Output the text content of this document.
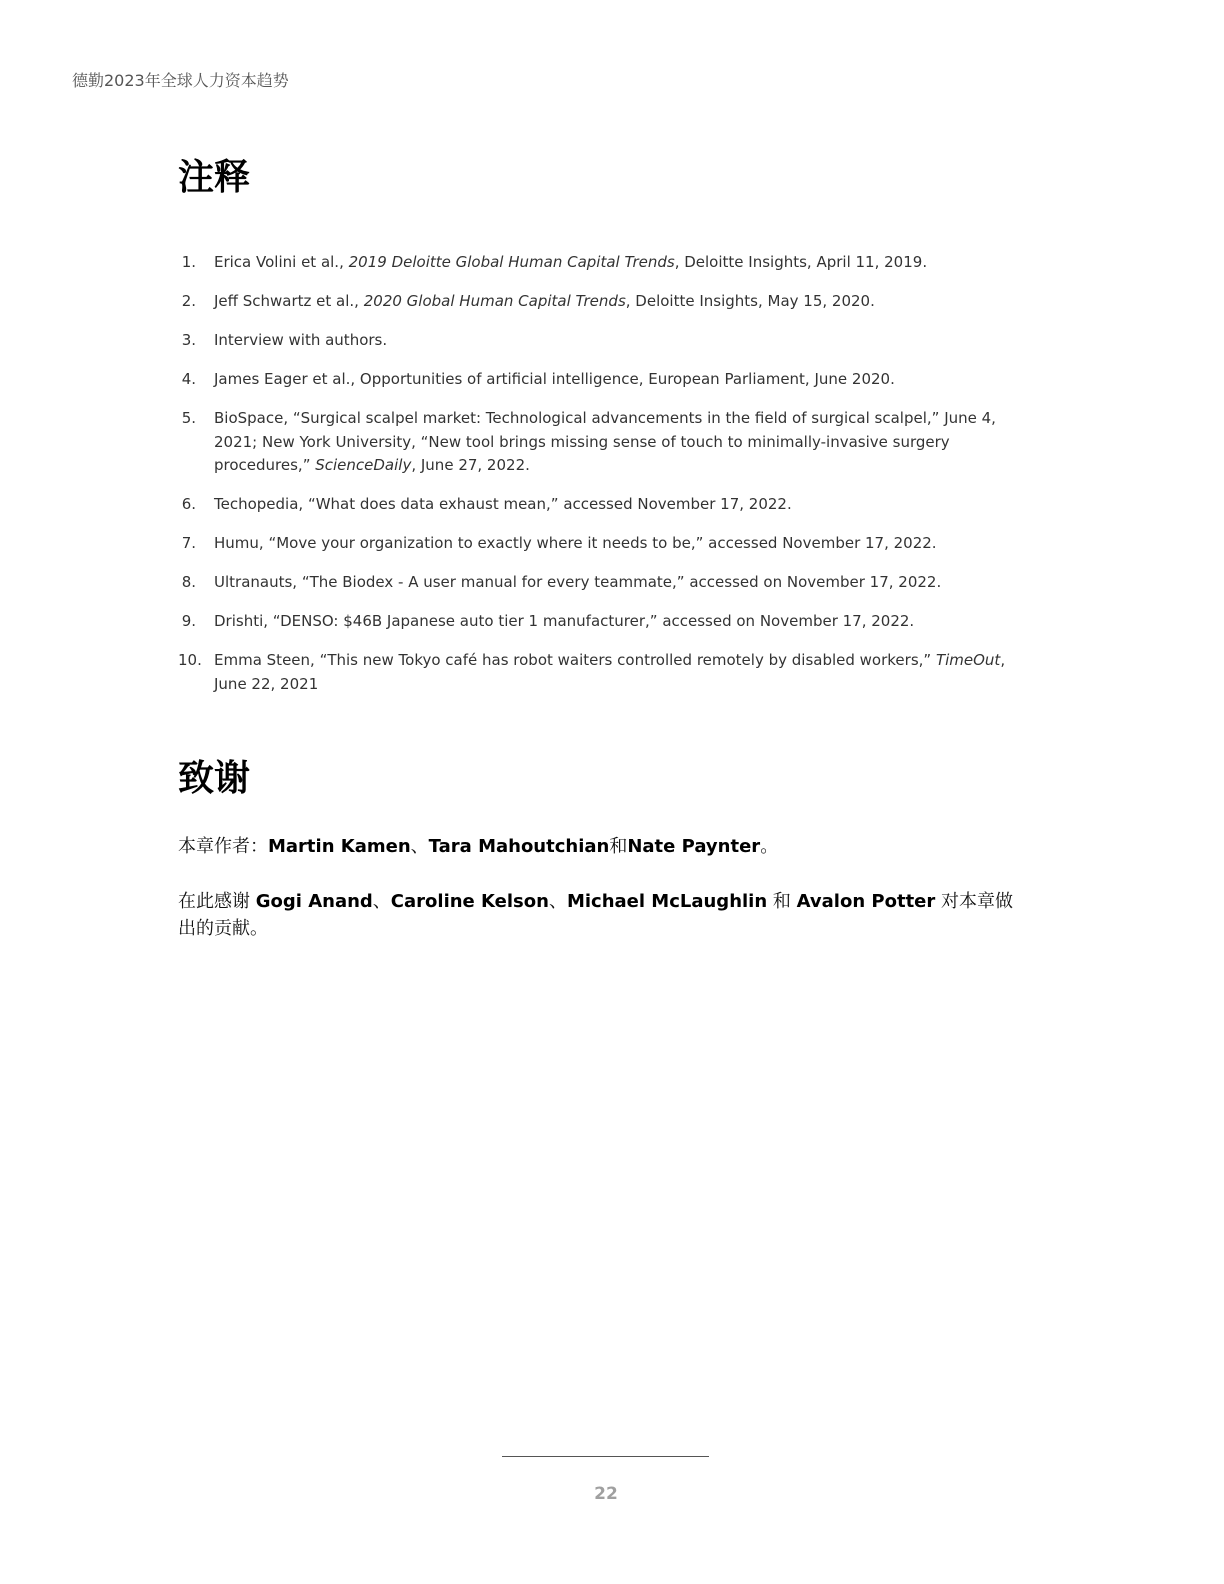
德勤2023年全球人力资本趋势
注释
1. Erica Volini et al., 2019 Deloitte Global Human Capital Trends, Deloitte Insights, April 11, 2019.
2. Jeff Schwartz et al., 2020 Global Human Capital Trends, Deloitte Insights, May 15, 2020.
3. Interview with authors.
4. James Eager et al., Opportunities of artificial intelligence, European Parliament, June 2020.
5. BioSpace, “Surgical scalpel market: Technological advancements in the field of surgical scalpel,” June 4, 2021; New York University, “New tool brings missing sense of touch to minimally-invasive surgery procedures,” ScienceDaily, June 27, 2022.
6. Techopedia, “What does data exhaust mean,” accessed November 17, 2022.
7. Humu, “Move your organization to exactly where it needs to be,” accessed November 17, 2022.
8. Ultranauts, “The Biodex - A user manual for every teammate,” accessed on November 17, 2022.
9. Drishti, “DENSO: $46B Japanese auto tier 1 manufacturer,” accessed on November 17, 2022.
10. Emma Steen, “This new Tokyo café has robot waiters controlled remotely by disabled workers,” TimeOut, June 22, 2021
致谢

本章作者：Martin Kamen、Tara Mahoutchian和Nate Paynter。

在此感谢 Gogi Anand、Caroline Kelson、Michael McLaughlin 和 Avalon Potter 对本章做出的贡献。

22
